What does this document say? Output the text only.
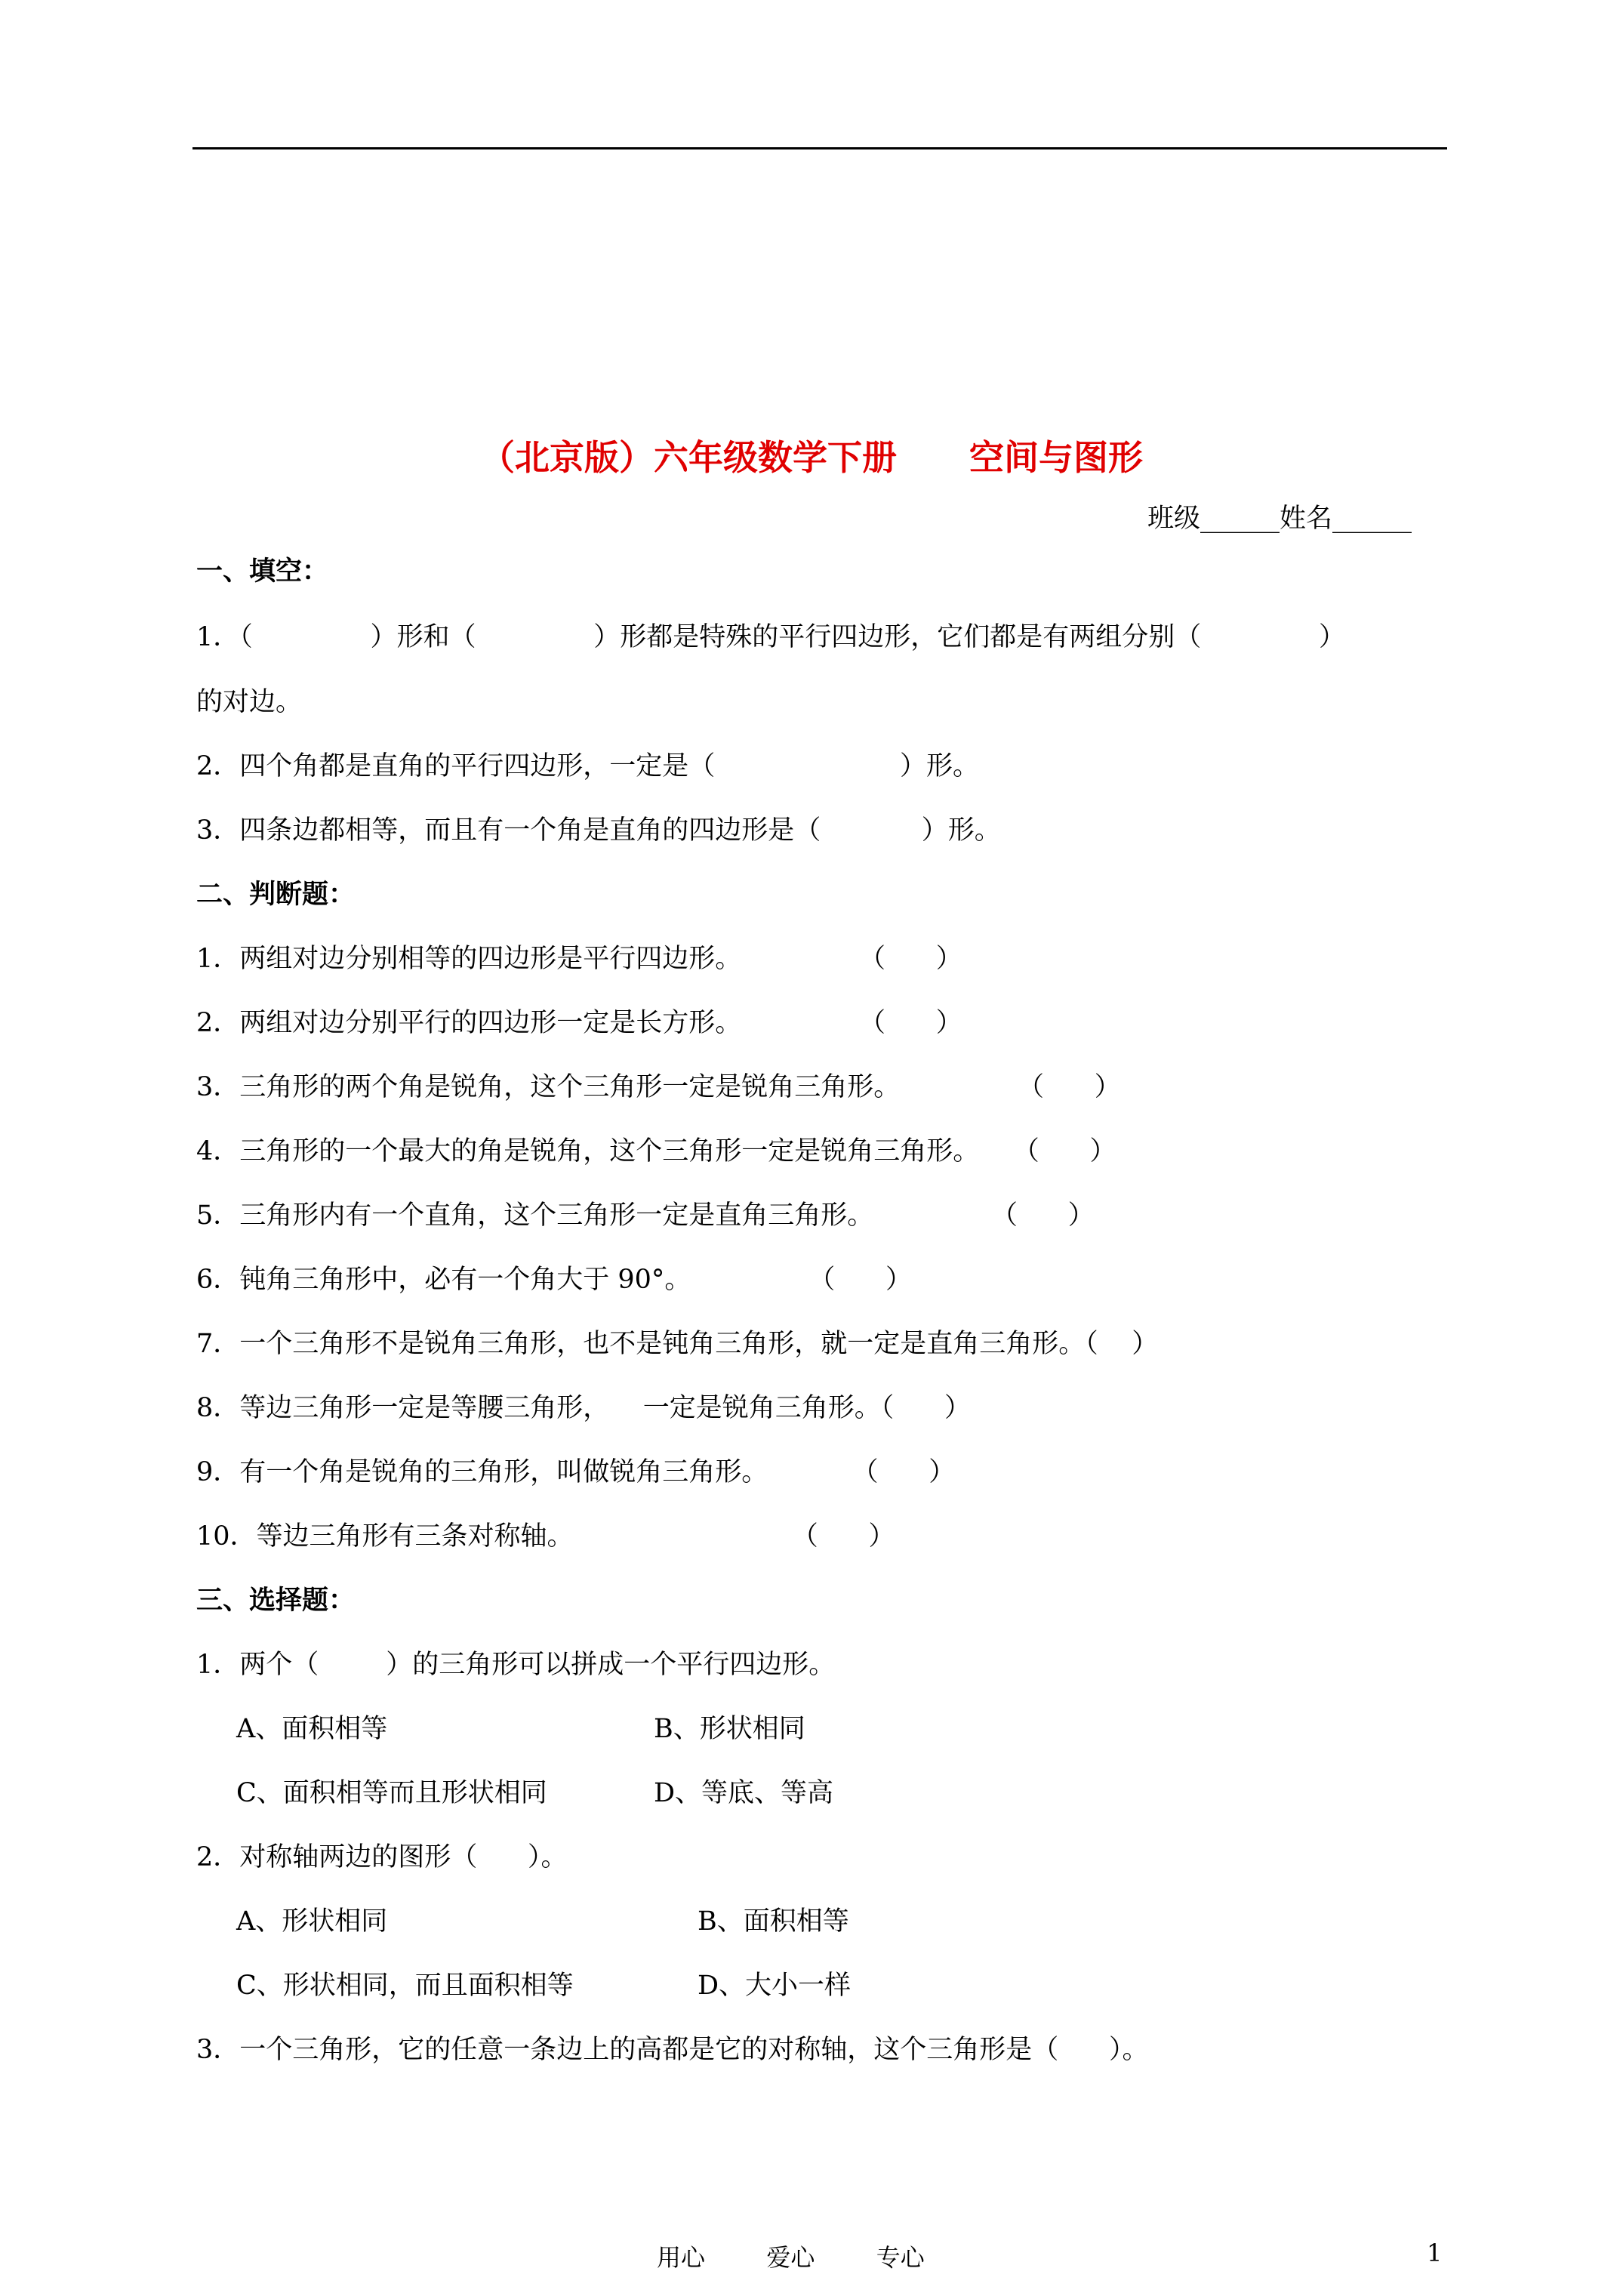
（北京版）六年级数学下册      空间与图形
班级______姓名______
一、填空：
1．（              ）形和（              ）形都是特殊的平行四边形，它们都是有两组分别（              ）
的对边。
2．四个角都是直角的平行四边形，一定是（                      ）形。
3．四条边都相等，而且有一个角是直角的四边形是（            ）形。
二、判断题：
1．两组对边分别相等的四边形是平行四边形。              （      ）
2．两组对边分别平行的四边形一定是长方形。              （      ）
3．三角形的两个角是锐角，这个三角形一定是锐角三角形。              （      ）
4．三角形的一个最大的角是锐角，这个三角形一定是锐角三角形。    （      ）
5．三角形内有一个直角，这个三角形一定是直角三角形。              （      ）
6．钝角三角形中，必有一个角大于 90°。              （      ）
7．一个三角形不是锐角三角形，也不是钝角三角形，就一定是直角三角形。（    ）
8．等边三角形一定是等腰三角形，    一定是锐角三角形。（      ）
9．有一个角是锐角的三角形，叫做锐角三角形。          （      ）
10．等边三角形有三条对称轴。                          （      ）
三、选择题：
1．两个（        ）的三角形可以拼成一个平行四边形。
A、面积相等	B、形状相同
C、面积相等而且形状相同	D、等底、等高
2．对称轴两边的图形（      ）。
A、形状相同	B、面积相等
C、形状相同，而且面积相等	D、大小一样
3．一个三角形，它的任意一条边上的高都是它的对称轴，这个三角形是（      ）。
用心        爱心        专心	1
